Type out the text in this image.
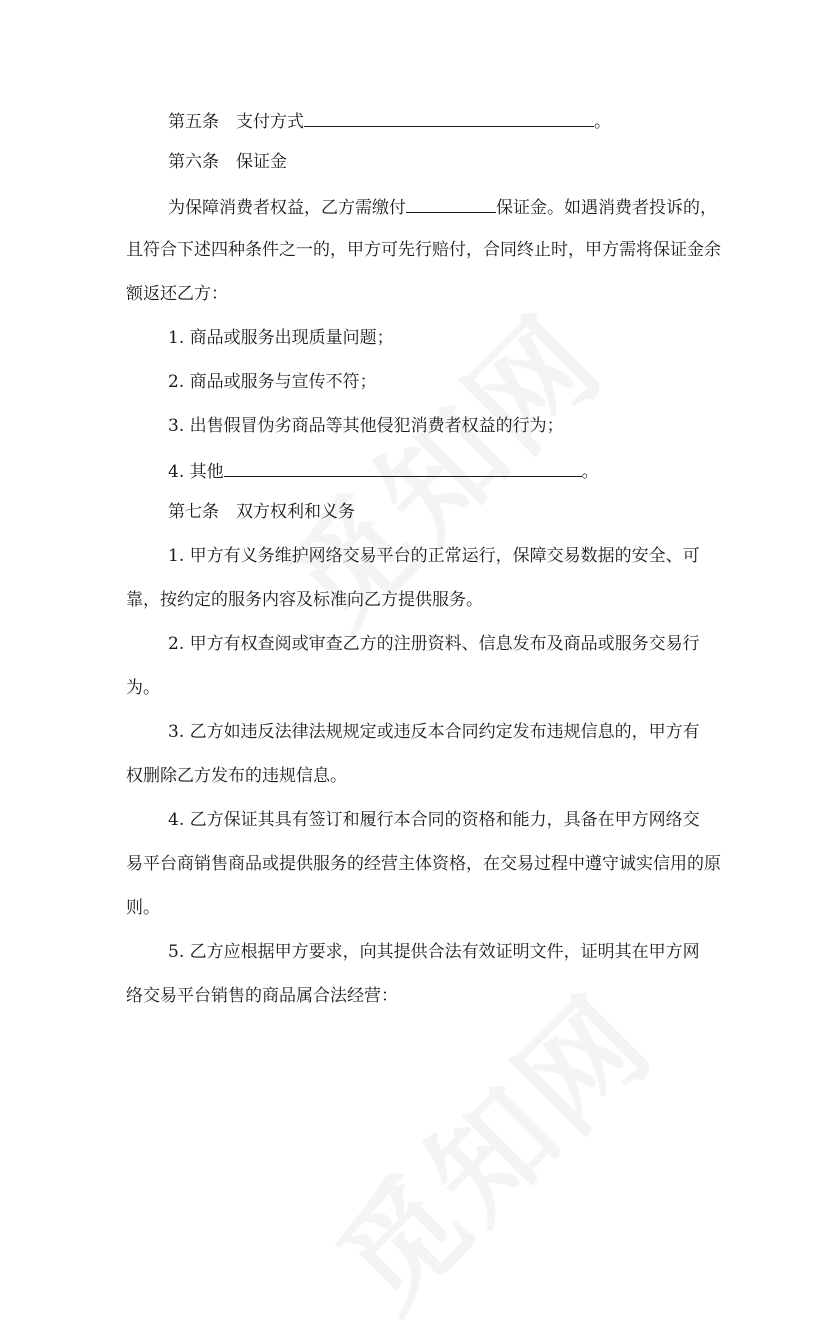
第五条 支付方式	。
第六条 保证金
为保障消费者权益，乙方需缴付	保证金。如遇消费者投诉的，
且符合下述四种条件之一的，甲方可先行赔付，合同终止时，甲方需将保证金余
额返还乙方：
1. 商品或服务出现质量问题；
2. 商品或服务与宣传不符；
3. 出售假冒伪劣商品等其他侵犯消费者权益的行为；
4. 其他	。
第七条 双方权利和义务
1. 甲方有义务维护网络交易平台的正常运行，保障交易数据的安全、可
靠，按约定的服务内容及标准向乙方提供服务。
2. 甲方有权查阅或审查乙方的注册资料、信息发布及商品或服务交易行
为。
3. 乙方如违反法律法规规定或违反本合同约定发布违规信息的，甲方有
权删除乙方发布的违规信息。
4. 乙方保证其具有签订和履行本合同的资格和能力，具备在甲方网络交
易平台商销售商品或提供服务的经营主体资格，在交易过程中遵守诚实信用的原
则。
5. 乙方应根据甲方要求，向其提供合法有效证明文件，证明其在甲方网
络交易平台销售的商品属合法经营：
